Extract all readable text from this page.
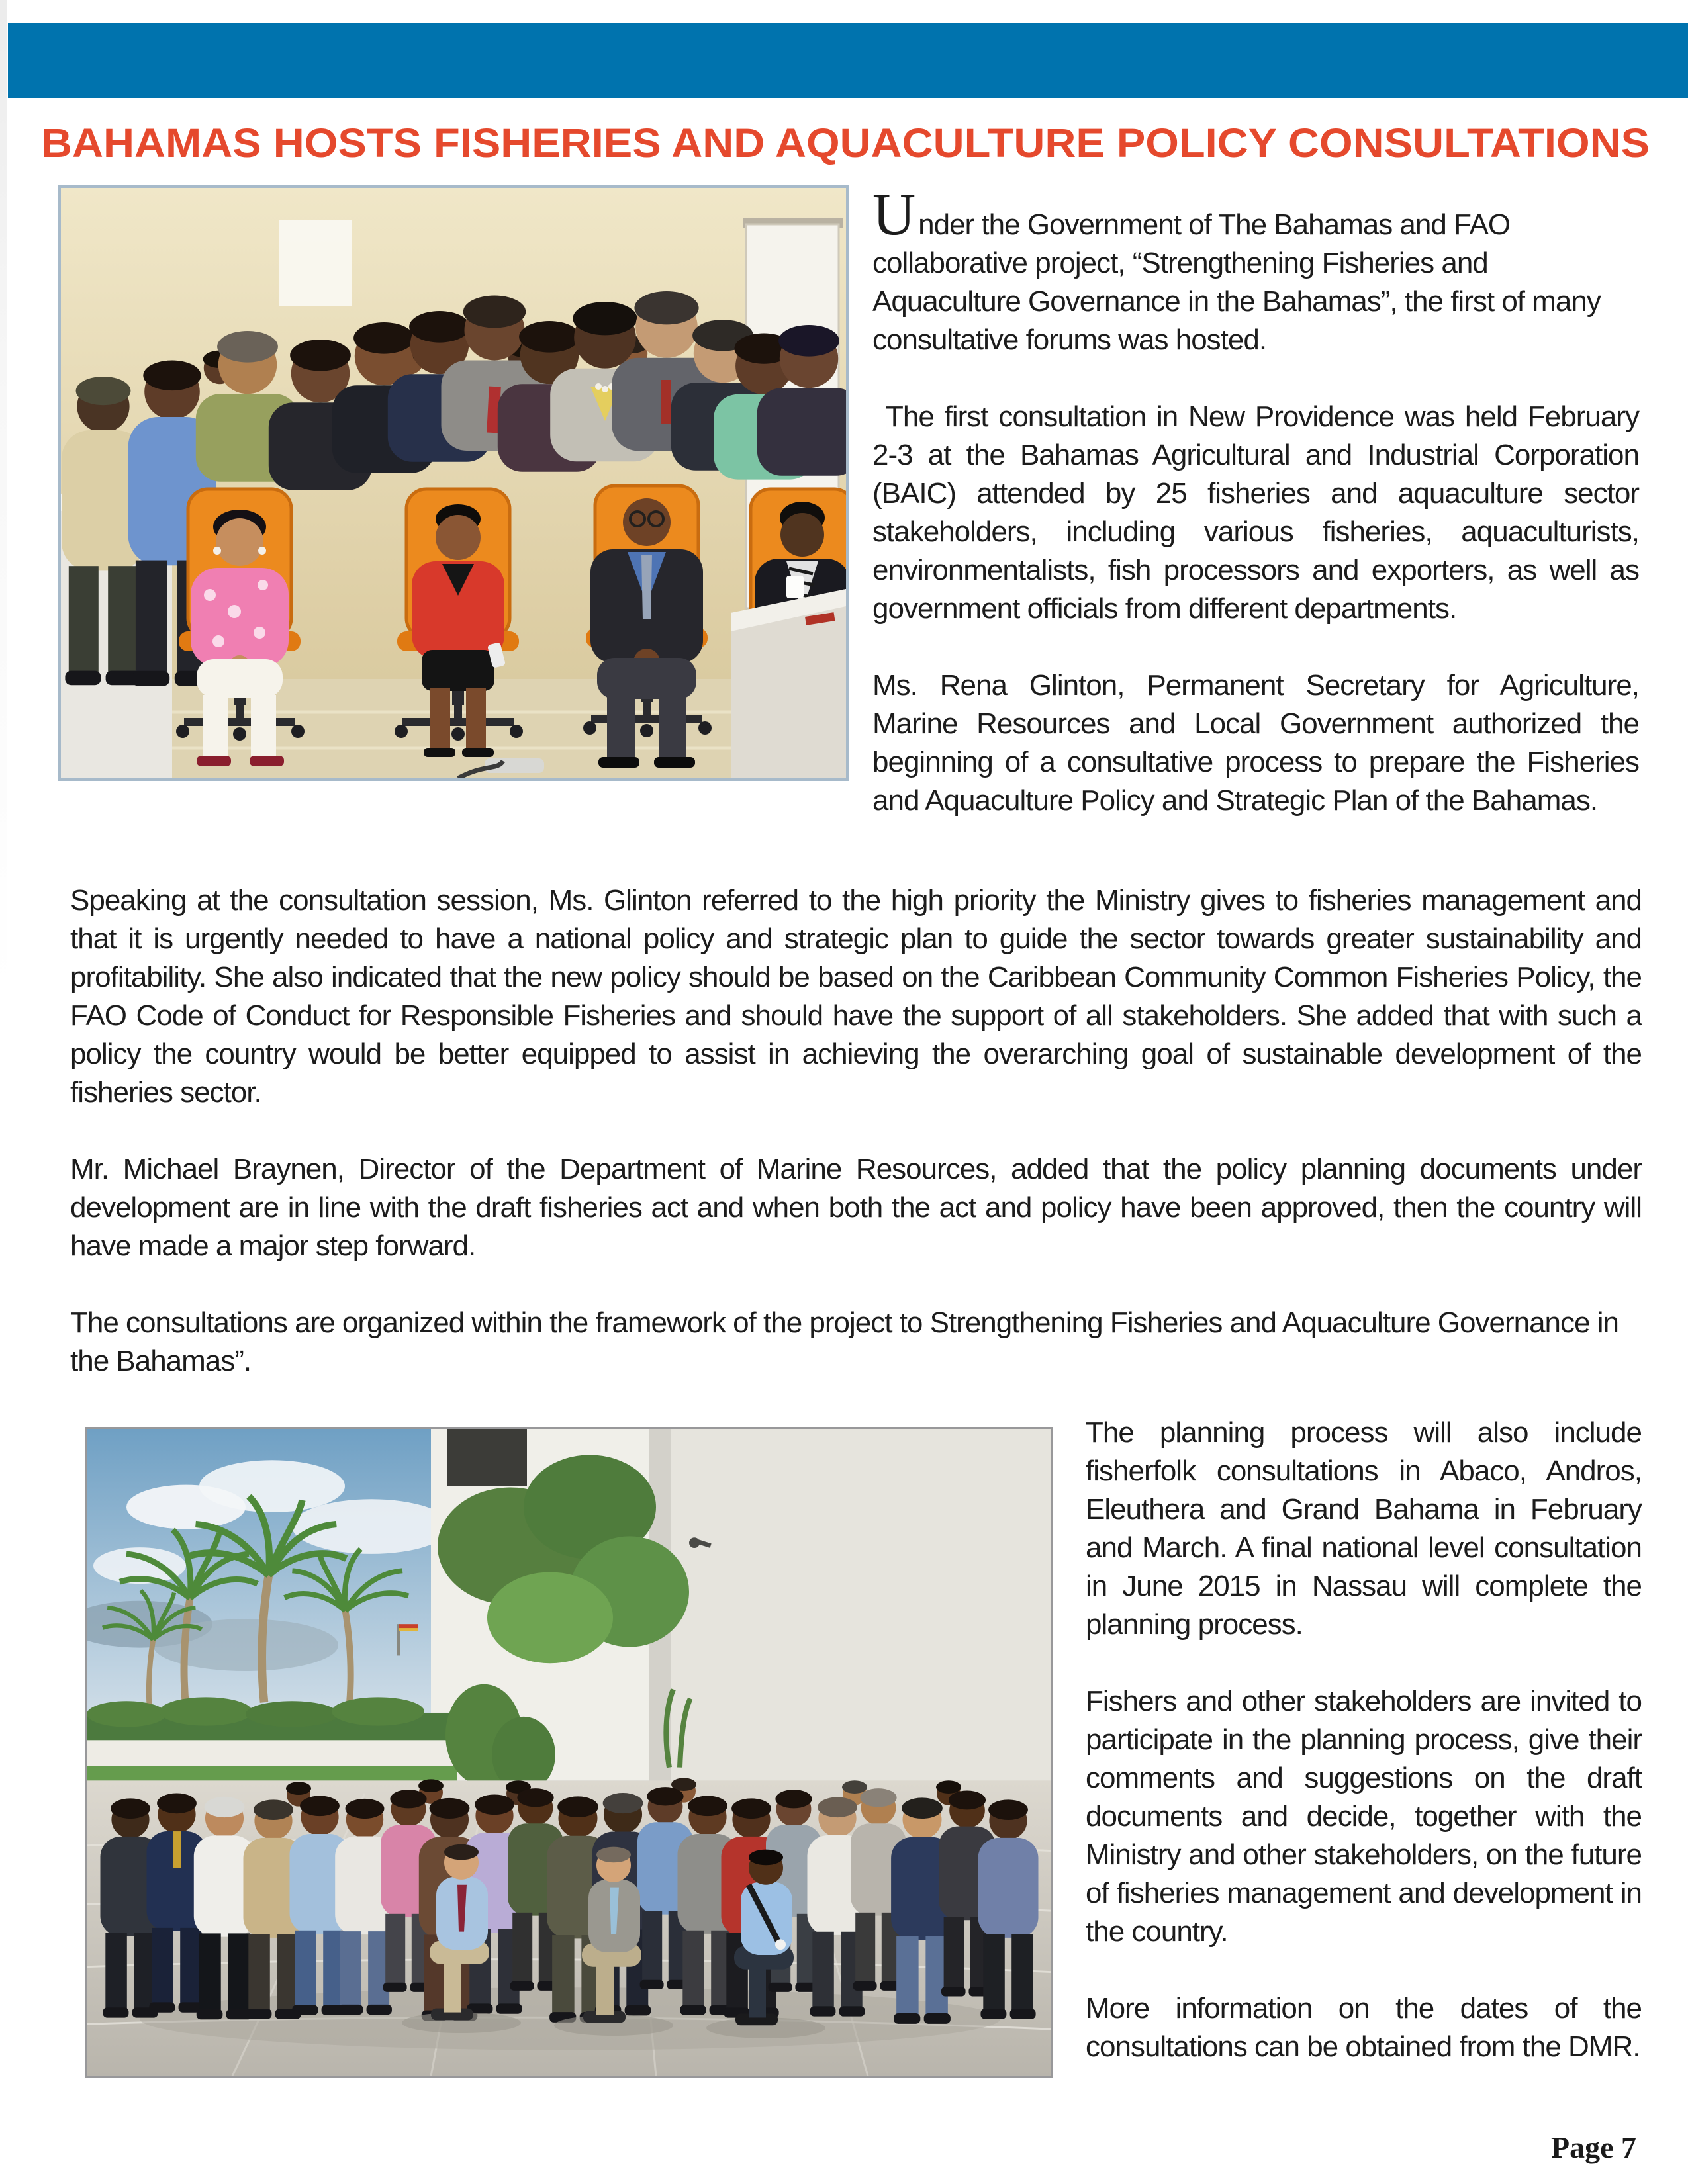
BAHAMAS HOSTS FISHERIES AND AQUACULTURE POLICY CONSULTATIONS

Under the Government of The Bahamas and FAO collaborative project, “Strengthening Fisheries and Aquaculture Governance in the Bahamas”, the first of many consultative forums was hosted.

The first consultation in New Providence was held February 2-3 at the Bahamas Agricultural and Industrial Corporation (BAIC) attended by 25 fisheries and aquaculture sector stakeholders, including various fisheries, aquaculturists, environmentalists, fish processors and exporters, as well as government officials from different departments.

Ms. Rena Glinton, Permanent Secretary for Agriculture, Marine Resources and Local Government authorized the beginning of a consultative process to prepare the Fisheries and Aquaculture Policy and Strategic Plan of the Bahamas.

Speaking at the consultation session, Ms. Glinton referred to the high priority the Ministry gives to fisheries management and that it is urgently needed to have a national policy and strategic plan to guide the sector towards greater sustainability and profitability. She also indicated that the new policy should be based on the Caribbean Community Common Fisheries Policy, the FAO Code of Conduct for Responsible Fisheries and should have the support of all stakeholders. She added that with such a policy the country would be better equipped to assist in achieving the overarching goal of sustainable development of the fisheries sector.

Mr. Michael Braynen, Director of the Department of Marine Resources, added that the policy planning documents under development are in line with the draft fisheries act and when both the act and policy have been approved, then the country will have made a major step forward.

The consultations are organized within the framework of the project to Strengthening Fisheries and Aquaculture Governance in the Bahamas”.

The planning process will also include fisherfolk consultations in Abaco, Andros, Eleuthera and Grand Bahama in February and March. A final national level consultation in June 2015 in Nassau will complete the planning process.

Fishers and other stakeholders are invited to participate in the planning process, give their comments and suggestions on the draft documents and decide, together with the Ministry and other stakeholders, on the future of fisheries management and development in the country.

More information on the dates of the consultations can be obtained from the DMR.

Page 7
